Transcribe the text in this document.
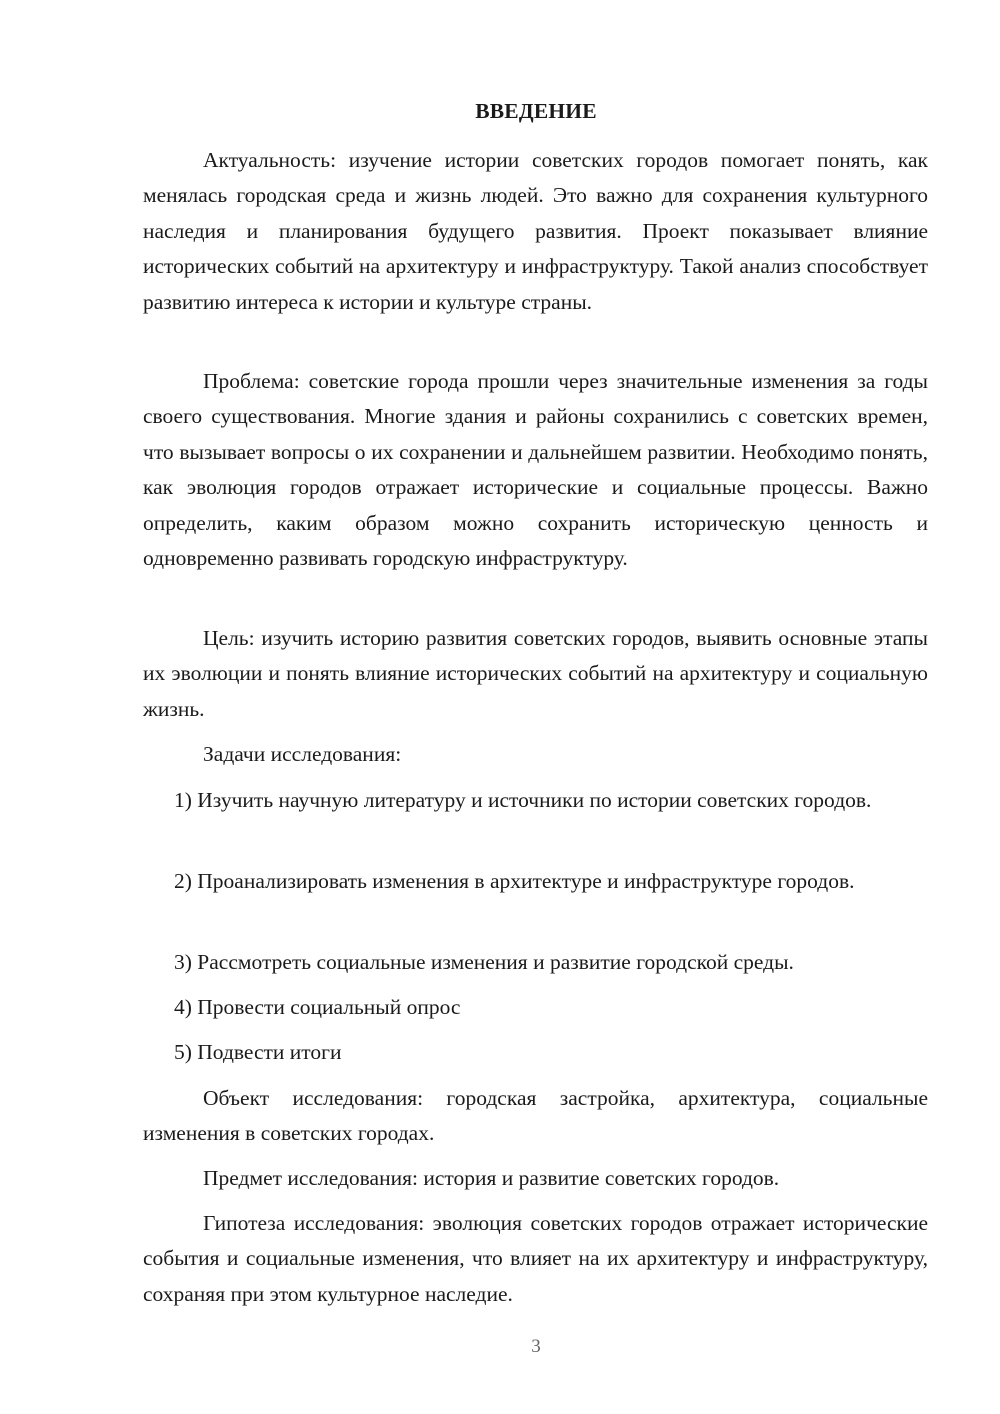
ВВЕДЕНИЕ

Актуальность: изучение истории советских городов помогает понять, как менялась городская среда и жизнь людей. Это важно для сохранения культурного наследия и планирования будущего развития. Проект показывает влияние исторических событий на архитектуру и инфраструктуру. Такой анализ способствует развитию интереса к истории и культуре страны.

Проблема: советские города прошли через значительные изменения за годы своего существования. Многие здания и районы сохранились с советских времен, что вызывает вопросы о их сохранении и дальнейшем развитии. Необходимо понять, как эволюция городов отражает исторические и социальные процессы. Важно определить, каким образом можно сохранить историческую ценность и одновременно развивать городскую инфраструктуру.

Цель: изучить историю развития советских городов, выявить основные этапы их эволюции и понять влияние исторических событий на архитектуру и социальную жизнь.

Задачи исследования:

1) Изучить научную литературу и источники по истории советских городов.

2) Проанализировать изменения в архитектуре и инфраструктуре городов.

3) Рассмотреть социальные изменения и развитие городской среды.

4) Провести социальный опрос

5) Подвести итоги

Объект исследования: городская застройка, архитектура, социальные изменения в советских городах.

Предмет исследования: история и развитие советских городов.

Гипотеза исследования: эволюция советских городов отражает исторические события и социальные изменения, что влияет на их архитектуру и инфраструктуру, сохраняя при этом культурное наследие.

3
